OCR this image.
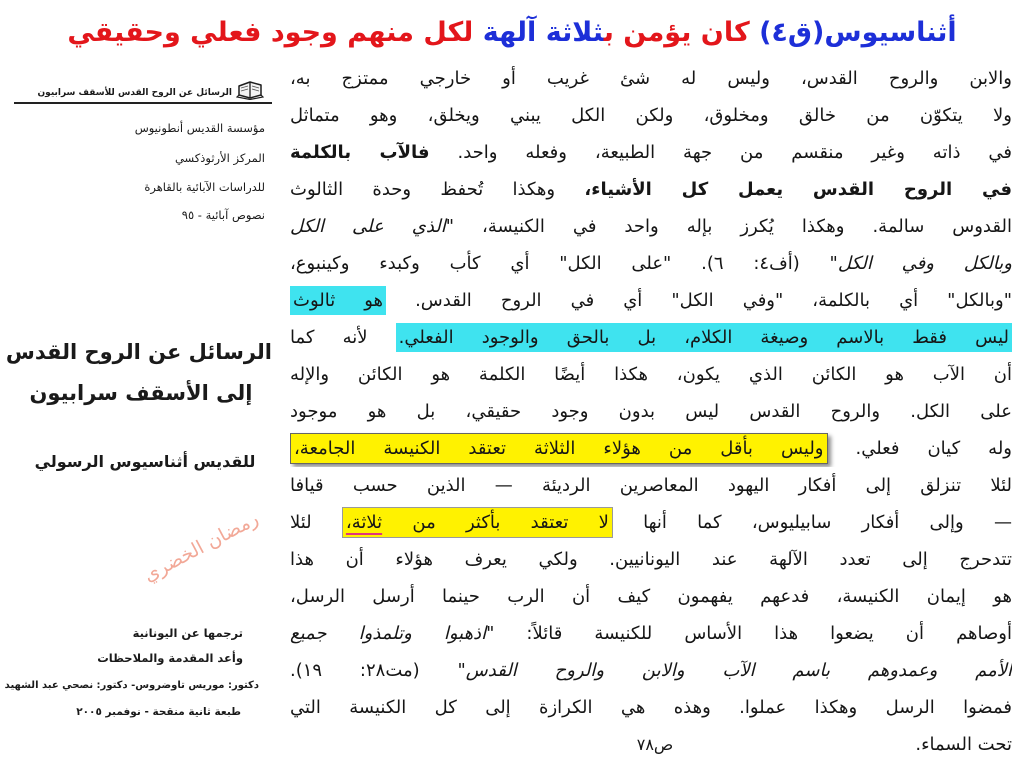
أثناسيوس(ق٤) كان يؤمن بثلاثة آلهة لكل منهم وجود فعلي وحقيقي
الرسائل عن الروح القدس للأسقف سرابيون
مؤسسة القديس أنطونيوس
المركز الأرثوذكسي
للدراسات الآبائية بالقاهرة
نصوص آبائية - ٩٥
الرسائل عن الروح القدس
إلى الأسقف سرابيون
للقديس أثناسيوس الرسولي
رمضان الخضري
ترجمها عن اليونانية
وأعد المقدمة والملاحظات
دكتور: موريس تاوضروس- دكتور: نصحي عبد الشهيد
طبعة ثانية منقحة - نوفمبر ٢٠٠٥
والابن والروح القدس، وليس له شئ غريب أو خارجي ممتزج به،
ولا يتكوّن من خالق ومخلوق، ولكن الكل يبني ويخلق، وهو متماثل
في ذاته وغير منقسم من جهة الطبيعة، وفعله واحد. فالآب بالكلمة
في الروح القدس يعمل كل الأشياء، وهكذا تُحفظ وحدة الثالوث
القدوس سالمة. وهكذا يُكرز بإله واحد في الكنيسة، "الذي على الكل
وبالكل وفي الكل" (أف٤: ٦). "على الكل" أي كأب وكبدء وكينبوع،
"وبالكل" أي بالكلمة، "وفي الكل" أي في الروح القدس. هو ثالوث
ليس فقط بالاسم وصيغة الكلام، بل بالحق والوجود الفعلي. لأنه كما
أن الآب هو الكائن الذي يكون، هكذا أيضًا الكلمة هو الكائن والإله
على الكل. والروح القدس ليس بدون وجود حقيقي، بل هو موجود
وله كيان فعلي. وليس بأقل من هؤلاء الثلاثة تعتقد الكنيسة الجامعة،
لئلا تنزلق إلى أفكار اليهود المعاصرين الرديئة — الذين حسب قيافا
— وإلى أفكار سابيليوس، كما أنها لا تعتقد بأكثر من ثلاثة، لئلا
تتدحرج إلى تعدد الآلهة عند اليونانيين. ولكي يعرف هؤلاء أن هذا
هو إيمان الكنيسة، فدعهم يفهمون كيف أن الرب حينما أرسل الرسل،
أوصاهم أن يضعوا هذا الأساس للكنيسة قائلاً: "اذهبوا وتلمذوا جميع
الأمم وعمدوهم باسم الآب والابن والروح القدس" (مت٢٨: ١٩).
فمضوا الرسل وهكذا عملوا. وهذه هي الكرازة إلى كل الكنيسة التي
تحت السماء.
ص٧٨
